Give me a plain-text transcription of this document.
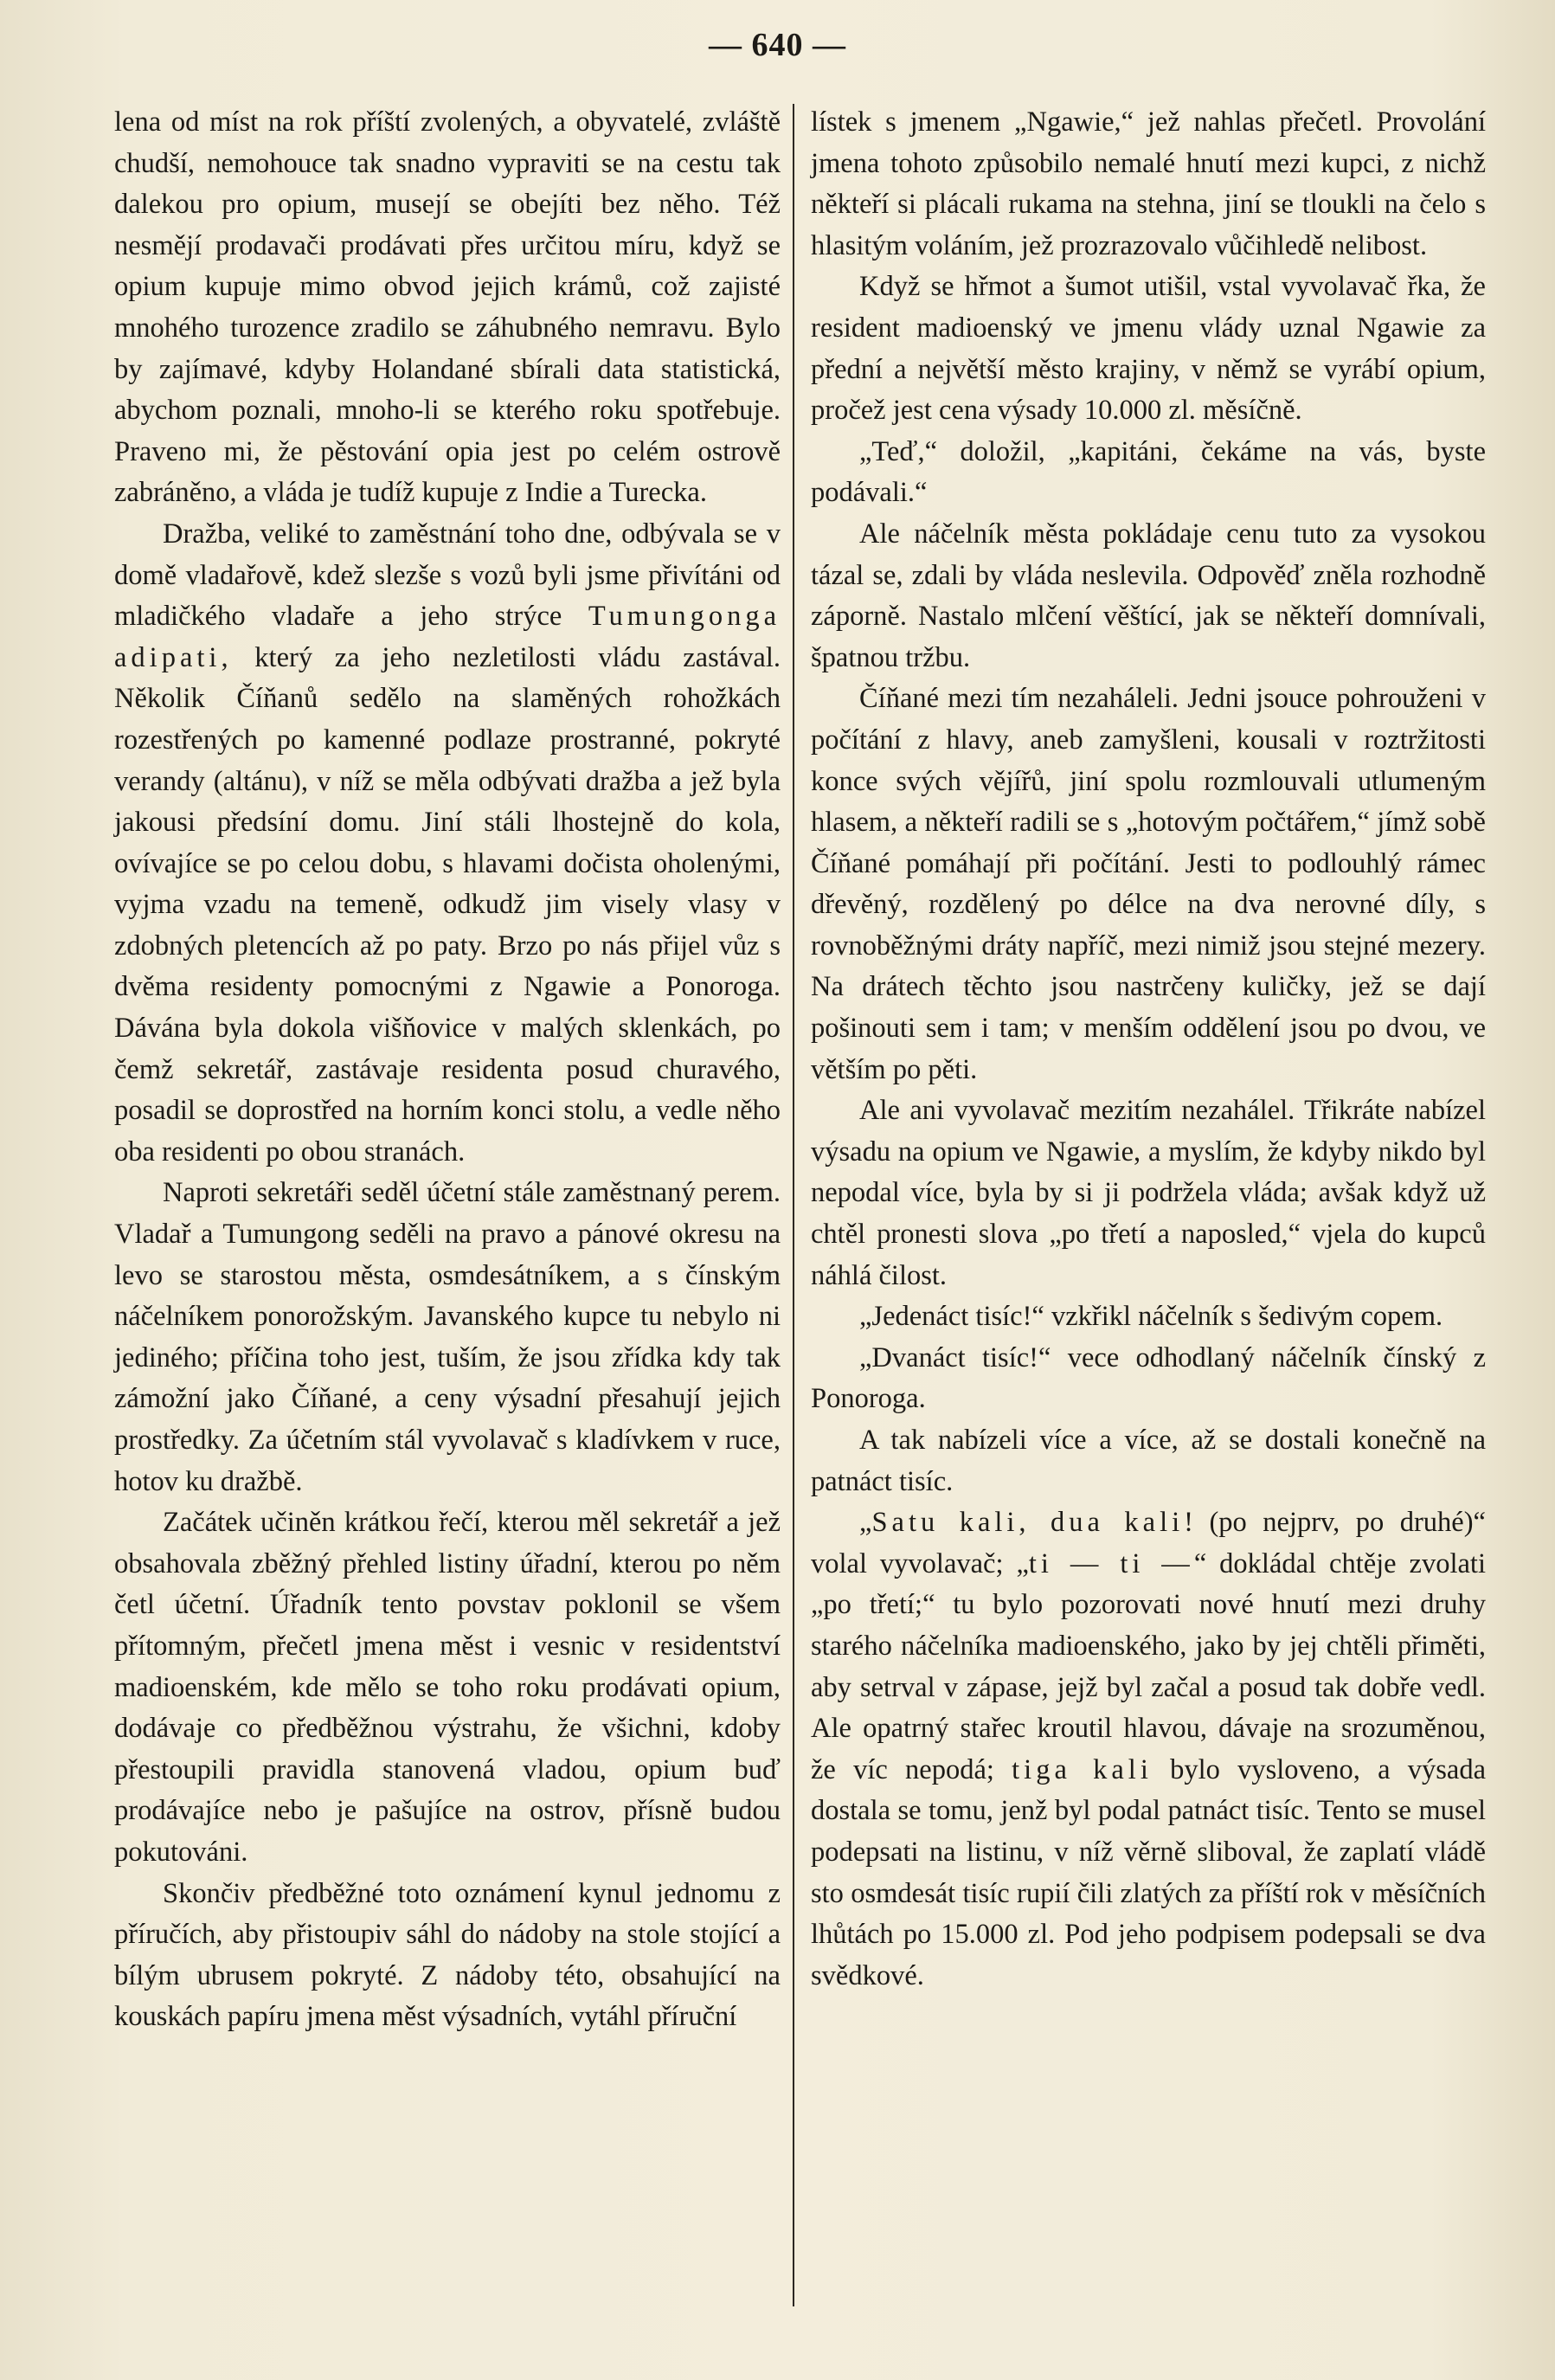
— 640 —

lena od míst na rok příští zvolených, a obyvatelé, zvláště chudší, nemohouce tak snadno vypraviti se na cestu tak dalekou pro opium, musejí se obejíti bez něho. Též nesmějí prodavači prodávati přes určitou míru, když se opium kupuje mimo obvod jejich krámů, což zajisté mnohého turozence zradilo se záhubného nemravu. Bylo by zajímavé, kdyby Holandané sbírali data statistická, abychom poznali, mnoho-li se kterého roku spotřebuje. Praveno mi, že pěstování opia jest po celém ostrově zabráněno, a vláda je tudíž kupuje z Indie a Turecka.

Dražba, veliké to zaměstnání toho dne, odbývala se v domě vladařově, kdež slezše s vozů byli jsme přivítáni od mladičkého vladaře a jeho strýce Tumungonga adipati, který za jeho nezletilosti vládu zastával. Několik Číňanů sedělo na slaměných rohožkách rozestřených po kamenné podlaze prostranné, pokryté verandy (altánu), v níž se měla odbývati dražba a jež byla jakousi předsíní domu. Jiní stáli lhostejně do kola, ovívajíce se po celou dobu, s hlavami dočista oholenými, vyjma vzadu na temeně, odkudž jim visely vlasy v zdobných pletencích až po paty. Brzo po nás přijel vůz s dvěma residenty pomocnými z Ngawie a Ponoroga. Dávána byla dokola višňovice v malých sklenkách, po čemž sekretář, zastávaje residenta posud churavého, posadil se doprostřed na horním konci stolu, a vedle něho oba residenti po obou stranách.

Naproti sekretáři seděl účetní stále zaměstnaný perem. Vladař a Tumungong seděli na pravo a pánové okresu na levo se starostou města, osmdesátníkem, a s čínským náčelníkem ponorožským. Javanského kupce tu nebylo ni jediného; příčina toho jest, tuším, že jsou zřídka kdy tak zámožní jako Číňané, a ceny výsadní přesahují jejich prostředky. Za účetním stál vyvolavač s kladívkem v ruce, hotov ku dražbě.

Začátek učiněn krátkou řečí, kterou měl sekretář a jež obsahovala zběžný přehled listiny úřadní, kterou po něm četl účetní. Úřadník tento povstav poklonil se všem přítomným, přečetl jmena měst i vesnic v residentství madioenském, kde mělo se toho roku prodávati opium, dodávaje co předběžnou výstrahu, že všichni, kdoby přestoupili pravidla stanovená vladou, opium buď prodávajíce nebo je pašujíce na ostrov, přísně budou pokutováni.

Skončiv předběžné toto oznámení kynul jednomu z příručích, aby přistoupiv sáhl do nádoby na stole stojící a bílým ubrusem pokryté. Z nádoby této, obsahující na kouskách papíru jmena měst výsadních, vytáhl příruční

lístek s jmenem „Ngawie,“ jež nahlas přečetl. Provolání jmena tohoto způsobilo nemalé hnutí mezi kupci, z nichž někteří si plácali rukama na stehna, jiní se tloukli na čelo s hlasitým voláním, jež prozrazovalo vůčihledě nelibost.

Když se hřmot a šumot utišil, vstal vyvolavač řka, že resident madioenský ve jmenu vlády uznal Ngawie za přední a největší město krajiny, v němž se vyrábí opium, pročež jest cena výsady 10.000 zl. měsíčně.

„Teď,“ doložil, „kapitáni, čekáme na vás, byste podávali.“

Ale náčelník města pokládaje cenu tuto za vysokou tázal se, zdali by vláda neslevila. Odpověď zněla rozhodně záporně. Nastalo mlčení věštící, jak se někteří domnívali, špatnou tržbu.

Číňané mezi tím nezaháleli. Jedni jsouce pohrouženi v počítání z hlavy, aneb zamyšleni, kousali v roztržitosti konce svých vějířů, jiní spolu rozmlouvali utlumeným hlasem, a někteří radili se s „hotovým počtářem,“ jímž sobě Číňané pomáhají při počítání. Jesti to podlouhlý rámec dřevěný, rozdělený po délce na dva nerovné díly, s rovnoběžnými dráty napříč, mezi nimiž jsou stejné mezery. Na drátech těchto jsou nastrčeny kuličky, jež se dají pošinouti sem i tam; v menším oddělení jsou po dvou, ve větším po pěti.

Ale ani vyvolavač mezitím nezahálel. Třikráte nabízel výsadu na opium ve Ngawie, a myslím, že kdyby nikdo byl nepodal více, byla by si ji podržela vláda; avšak když už chtěl pronesti slova „po třetí a naposled,“ vjela do kupců náhlá čilost.

„Jedenáct tisíc!“ vzkřikl náčelník s šedivým copem.

„Dvanáct tisíc!“ vece odhodlaný náčelník čínský z Ponoroga.

A tak nabízeli více a více, až se dostali konečně na patnáct tisíc.

„Satu kali, dua kali! (po nejprv, po druhé)“ volal vyvolavač; „ti — ti —“ dokládal chtěje zvolati „po třetí;“ tu bylo pozorovati nové hnutí mezi druhy starého náčelníka madioenského, jako by jej chtěli přiměti, aby setrval v zápase, jejž byl začal a posud tak dobře vedl. Ale opatrný stařec kroutil hlavou, dávaje na srozuměnou, že víc nepodá; tiga kali bylo vysloveno, a výsada dostala se tomu, jenž byl podal patnáct tisíc. Tento se musel podepsati na listinu, v níž věrně sliboval, že zaplatí vládě sto osmdesát tisíc rupií čili zlatých za příští rok v měsíčních lhůtách po 15.000 zl. Pod jeho podpisem podepsali se dva svědkové.
